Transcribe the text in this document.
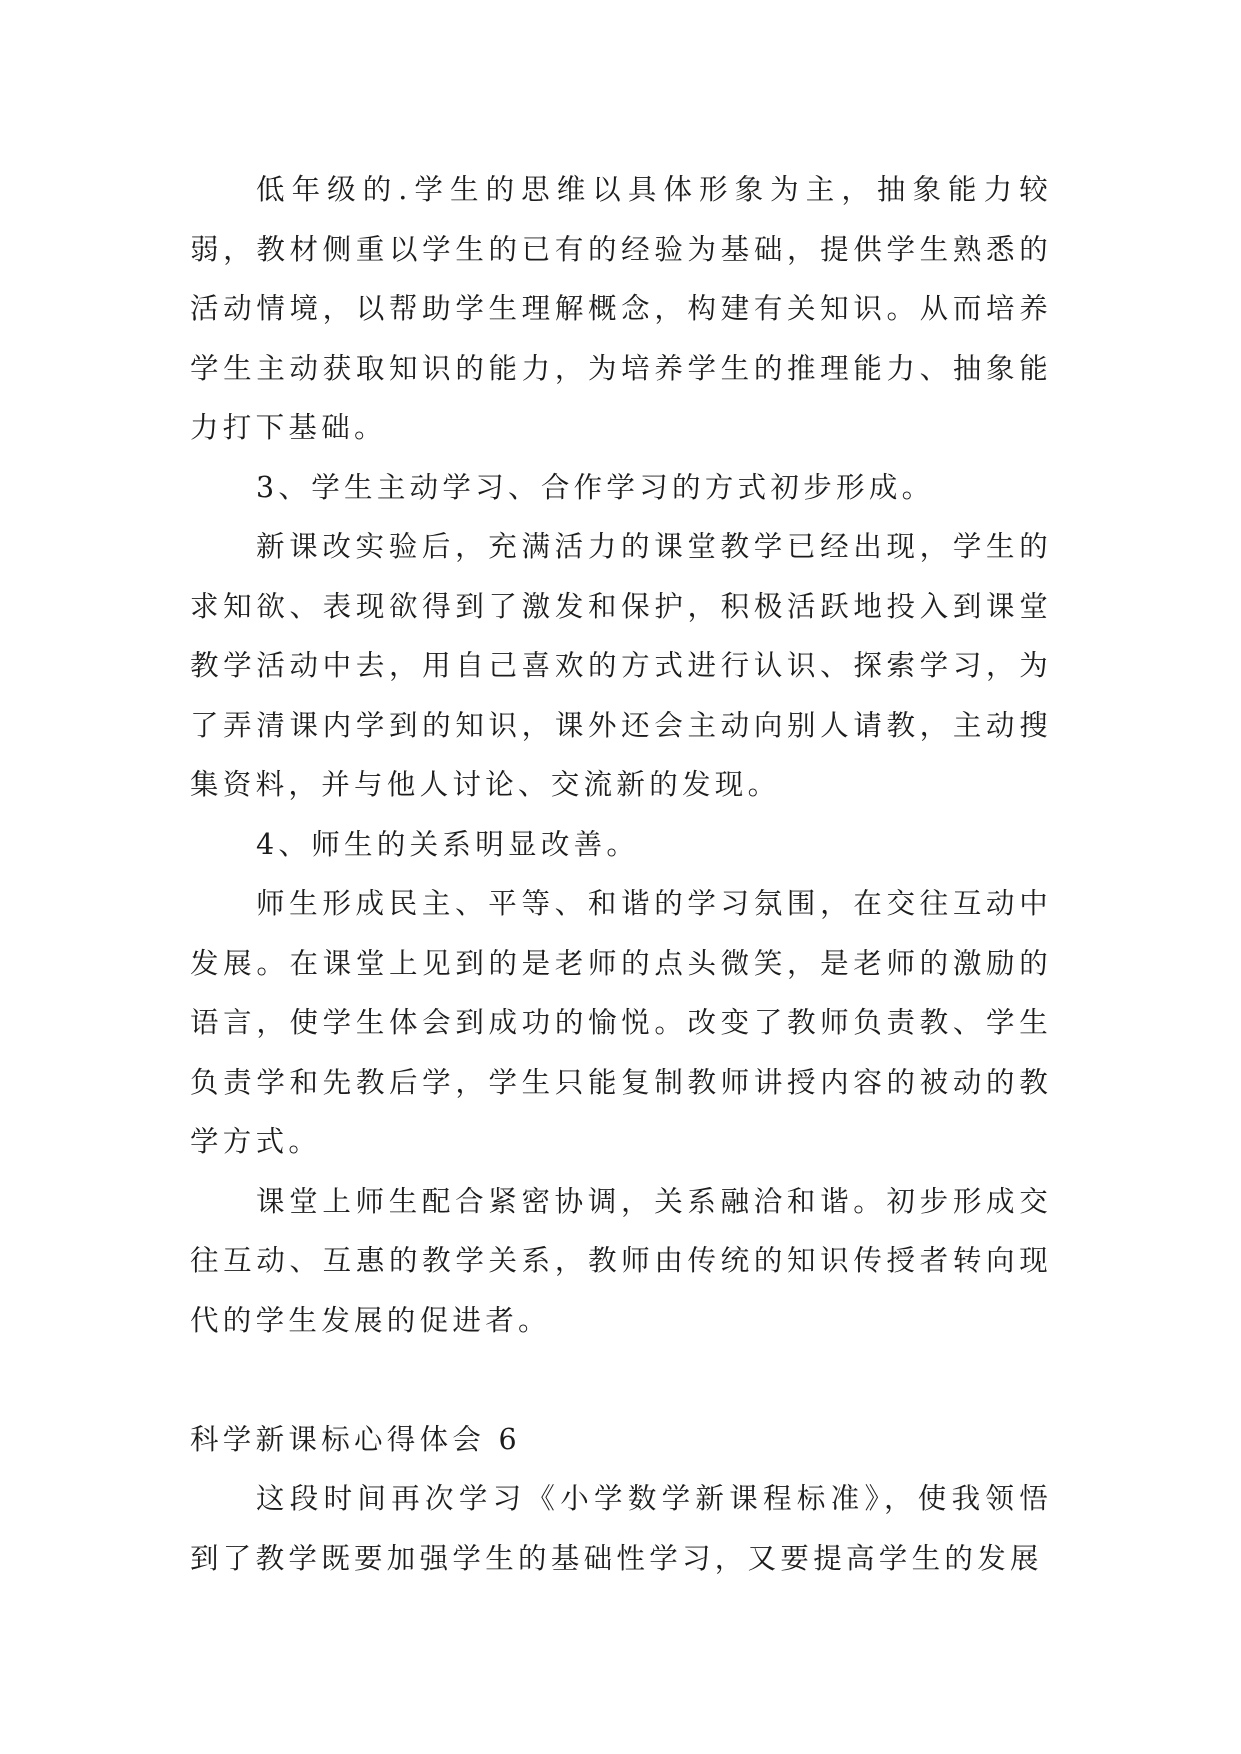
低年级的.学生的思维以具体形象为主，抽象能力较弱，教材侧重以学生的已有的经验为基础，提供学生熟悉的活动情境，以帮助学生理解概念，构建有关知识。从而培养学生主动获取知识的能力，为培养学生的推理能力、抽象能力打下基础。

3、学生主动学习、合作学习的方式初步形成。

新课改实验后，充满活力的课堂教学已经出现，学生的求知欲、表现欲得到了激发和保护，积极活跃地投入到课堂教学活动中去，用自己喜欢的方式进行认识、探索学习，为了弄清课内学到的知识，课外还会主动向别人请教，主动搜集资料，并与他人讨论、交流新的发现。

4、师生的关系明显改善。

师生形成民主、平等、和谐的学习氛围，在交往互动中发展。在课堂上见到的是老师的点头微笑，是老师的激励的语言，使学生体会到成功的愉悦。改变了教师负责教、学生负责学和先教后学，学生只能复制教师讲授内容的被动的教学方式。

课堂上师生配合紧密协调，关系融洽和谐。初步形成交往互动、互惠的教学关系，教师由传统的知识传授者转向现代的学生发展的促进者。

科学新课标心得体会 6

这段时间再次学习《小学数学新课程标准》，使我领悟到了教学既要加强学生的基础性学习，又要提高学生的发展
